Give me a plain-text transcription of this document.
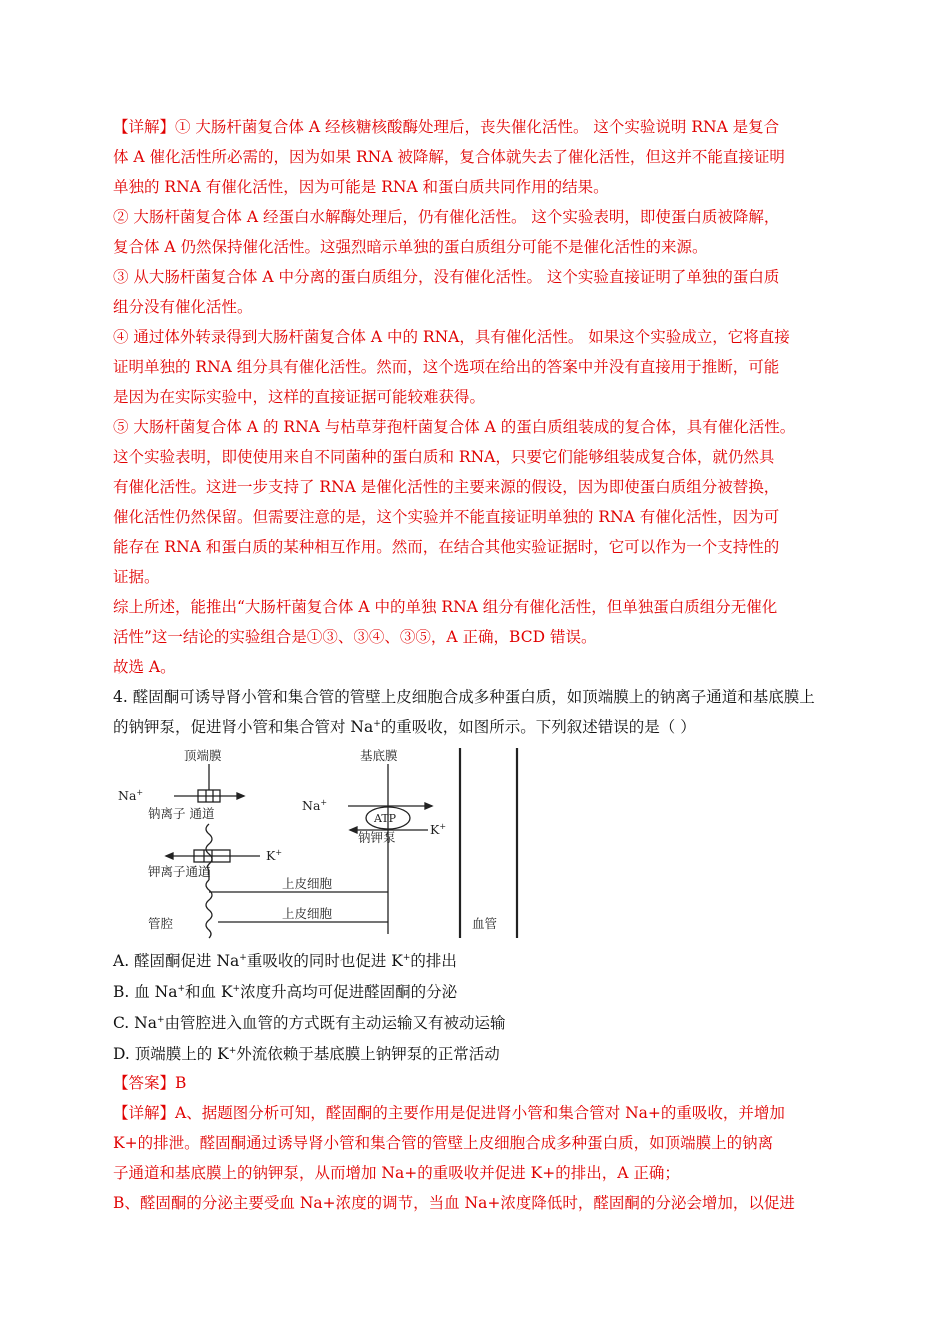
【详解】① 大肠杆菌复合体 A 经核糖核酸酶处理后，丧失催化活性。 这个实验说明 RNA 是复合
体 A 催化活性所必需的，因为如果 RNA 被降解，复合体就失去了催化活性，但这并不能直接证明
单独的 RNA 有催化活性，因为可能是 RNA 和蛋白质共同作用的结果。
② 大肠杆菌复合体 A 经蛋白水解酶处理后，仍有催化活性。 这个实验表明，即使蛋白质被降解，
复合体 A 仍然保持催化活性。这强烈暗示单独的蛋白质组分可能不是催化活性的来源。
③ 从大肠杆菌复合体 A 中分离的蛋白质组分，没有催化活性。 这个实验直接证明了单独的蛋白质
组分没有催化活性。
④ 通过体外转录得到大肠杆菌复合体 A 中的 RNA，具有催化活性。 如果这个实验成立，它将直接
证明单独的 RNA 组分具有催化活性。然而，这个选项在给出的答案中并没有直接用于推断，可能
是因为在实际实验中，这样的直接证据可能较难获得。
⑤ 大肠杆菌复合体 A 的 RNA 与枯草芽孢杆菌复合体 A 的蛋白质组装成的复合体，具有催化活性。
这个实验表明，即使使用来自不同菌种的蛋白质和 RNA，只要它们能够组装成复合体，就仍然具
有催化活性。这进一步支持了 RNA 是催化活性的主要来源的假设，因为即使蛋白质组分被替换，
催化活性仍然保留。但需要注意的是，这个实验并不能直接证明单独的 RNA 有催化活性，因为可
能存在 RNA 和蛋白质的某种相互作用。然而，在结合其他实验证据时，它可以作为一个支持性的
证据。
综上所述，能推出“大肠杆菌复合体 A 中的单独 RNA 组分有催化活性，但单独蛋白质组分无催化
活性”这一结论的实验组合是①③、③④、③⑤，A 正确，BCD 错误。
故选 A。
4. 醛固酮可诱导肾小管和集合管的管壁上皮细胞合成多种蛋白质，如顶端膜上的钠离子通道和基底膜上
的钠钾泵，促进肾小管和集合管对 Na+的重吸收，如图所示。下列叙述错误的是（ ）
顶端膜	基底膜
Na+
钠离子 通道
K+
钾离子通道
Na+
ATP
钠钾泵
K+
上皮细胞
上皮细胞
管腔	血管
A. 醛固酮促进 Na+重吸收的同时也促进 K+的排出
B. 血 Na+和血 K+浓度升高均可促进醛固酮的分泌
C. Na+由管腔进入血管的方式既有主动运输又有被动运输
D. 顶端膜上的 K+外流依赖于基底膜上钠钾泵的正常活动
【答案】B
【详解】A、据题图分析可知，醛固酮的主要作用是促进肾小管和集合管对 Na+的重吸收，并增加
K+的排泄。醛固酮通过诱导肾小管和集合管的管壁上皮细胞合成多种蛋白质，如顶端膜上的钠离
子通道和基底膜上的钠钾泵，从而增加 Na+的重吸收并促进 K+的排出，A 正确；
B、醛固酮的分泌主要受血 Na+浓度的调节，当血 Na+浓度降低时，醛固酮的分泌会增加，以促进
